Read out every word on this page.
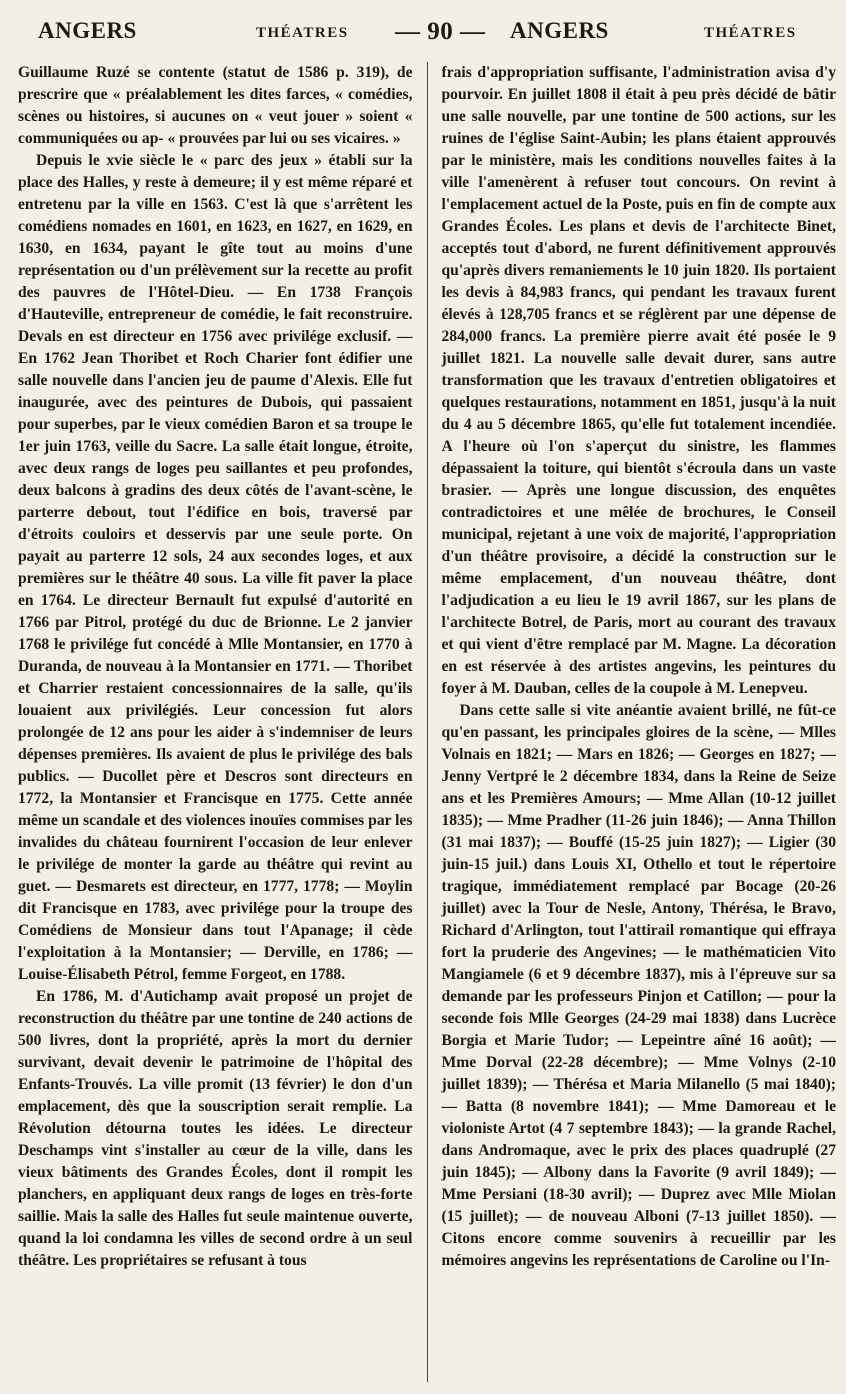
ANGERS	THÉATRES — 90 — ANGERS	THÉATRES

Guillaume Ruzé se contente (statut de 1586 p. 319), de prescrire que « préalablement les dites farces, « comédies, scènes ou histoires, si aucunes on « veut jouer » soient « communiquées ou ap- « prouvées par lui ou ses vicaires. »

Depuis le xvie siècle le « parc des jeux » établi sur la place des Halles, y reste à demeure; il y est même réparé et entretenu par la ville en 1563. C'est là que s'arrêtent les comédiens nomades en 1601, en 1623, en 1627, en 1629, en 1630, en 1634, payant le gîte tout au moins d'une représentation ou d'un prélèvement sur la recette au profit des pauvres de l'Hôtel-Dieu. — En 1738 François d'Hauteville, entrepreneur de comédie, le fait reconstruire. Devals en est directeur en 1756 avec privilége exclusif. — En 1762 Jean Thoribet et Roch Charier font édifier une salle nouvelle dans l'ancien jeu de paume d'Alexis. Elle fut inaugurée, avec des peintures de Dubois, qui passaient pour superbes, par le vieux comédien Baron et sa troupe le 1er juin 1763, veille du Sacre. La salle était longue, étroite, avec deux rangs de loges peu saillantes et peu profondes, deux balcons à gradins des deux côtés de l'avant-scène, le parterre debout, tout l'édifice en bois, traversé par d'étroits couloirs et desservis par une seule porte. On payait au parterre 12 sols, 24 aux secondes loges, et aux premières sur le théâtre 40 sous. La ville fit paver la place en 1764. Le directeur Bernault fut expulsé d'autorité en 1766 par Pitrol, protégé du duc de Brionne. Le 2 janvier 1768 le privilége fut concédé à Mlle Montansier, en 1770 à Duranda, de nouveau à la Montansier en 1771. — Thoribet et Charrier restaient concessionnaires de la salle, qu'ils louaient aux privilégiés. Leur concession fut alors prolongée de 12 ans pour les aider à s'indemniser de leurs dépenses premières. Ils avaient de plus le privilége des bals publics. — Ducollet père et Descros sont directeurs en 1772, la Montansier et Francisque en 1775. Cette année même un scandale et des violences inouïes commises par les invalides du château fournirent l'occasion de leur enlever le privilége de monter la garde au théâtre qui revint au guet. — Desmarets est directeur, en 1777, 1778; — Moylin dit Francisque en 1783, avec privilége pour la troupe des Comédiens de Monsieur dans tout l'Apanage; il cède l'exploitation à la Montansier; — Derville, en 1786; — Louise-Élisabeth Pétrol, femme Forgeot, en 1788.

En 1786, M. d'Autichamp avait proposé un projet de reconstruction du théâtre par une tontine de 240 actions de 500 livres, dont la propriété, après la mort du dernier survivant, devait devenir le patrimoine de l'hôpital des Enfants-Trouvés. La ville promit (13 février) le don d'un emplacement, dès que la souscription serait remplie. La Révolution détourna toutes les idées. Le directeur Deschamps vint s'installer au cœur de la ville, dans les vieux bâtiments des Grandes Écoles, dont il rompit les planchers, en appliquant deux rangs de loges en très-forte saillie. Mais la salle des Halles fut seule maintenue ouverte, quand la loi condamna les villes de second ordre à un seul théâtre. Les propriétaires se refusant à tous

frais d'appropriation suffisante, l'administration avisa d'y pourvoir. En juillet 1808 il était à peu près décidé de bâtir une salle nouvelle, par une tontine de 500 actions, sur les ruines de l'église Saint-Aubin; les plans étaient approuvés par le ministère, mais les conditions nouvelles faites à la ville l'amenèrent à refuser tout concours. On revint à l'emplacement actuel de la Poste, puis en fin de compte aux Grandes Écoles. Les plans et devis de l'architecte Binet, acceptés tout d'abord, ne furent définitivement approuvés qu'après divers remaniements le 10 juin 1820. Ils portaient les devis à 84,983 francs, qui pendant les travaux furent élevés à 128,705 francs et se réglèrent par une dépense de 284,000 francs. La première pierre avait été posée le 9 juillet 1821. La nouvelle salle devait durer, sans autre transformation que les travaux d'entretien obligatoires et quelques restaurations, notamment en 1851, jusqu'à la nuit du 4 au 5 décembre 1865, qu'elle fut totalement incendiée. A l'heure où l'on s'aperçut du sinistre, les flammes dépassaient la toiture, qui bientôt s'écroula dans un vaste brasier. — Après une longue discussion, des enquêtes contradictoires et une mêlée de brochures, le Conseil municipal, rejetant à une voix de majorité, l'appropriation d'un théâtre provisoire, a décidé la construction sur le même emplacement, d'un nouveau théâtre, dont l'adjudication a eu lieu le 19 avril 1867, sur les plans de l'architecte Botrel, de Paris, mort au courant des travaux et qui vient d'être remplacé par M. Magne. La décoration en est réservée à des artistes angevins, les peintures du foyer à M. Dauban, celles de la coupole à M. Lenepveu.

Dans cette salle si vite anéantie avaient brillé, ne fût-ce qu'en passant, les principales gloires de la scène, — Mlles Volnais en 1821; — Mars en 1826; — Georges en 1827; — Jenny Vertpré le 2 décembre 1834, dans la Reine de Seize ans et les Premières Amours; — Mme Allan (10-12 juillet 1835); — Mme Pradher (11-26 juin 1846); — Anna Thillon (31 mai 1837); — Bouffé (15-25 juin 1827); — Ligier (30 juin-15 juil.) dans Louis XI, Othello et tout le répertoire tragique, immédiatement remplacé par Bocage (20-26 juillet) avec la Tour de Nesle, Antony, Thérésa, le Bravo, Richard d'Arlington, tout l'attirail romantique qui effraya fort la pruderie des Angevines; — le mathématicien Vito Mangiamele (6 et 9 décembre 1837), mis à l'épreuve sur sa demande par les professeurs Pinjon et Catillon; — pour la seconde fois Mlle Georges (24-29 mai 1838) dans Lucrèce Borgia et Marie Tudor; — Lepeintre aîné 16 août); — Mme Dorval (22-28 décembre); — Mme Volnys (2-10 juillet 1839); — Thérésa et Maria Milanello (5 mai 1840); — Batta (8 novembre 1841); — Mme Damoreau et le violoniste Artot (4 7 septembre 1843); — la grande Rachel, dans Andromaque, avec le prix des places quadruplé (27 juin 1845); — Albony dans la Favorite (9 avril 1849); — Mme Persiani (18-30 avril); — Duprez avec Mlle Miolan (15 juillet); — de nouveau Alboni (7-13 juillet 1850). — Citons encore comme souvenirs à recueillir par les mémoires angevins les représentations de Caroline ou l'In-
